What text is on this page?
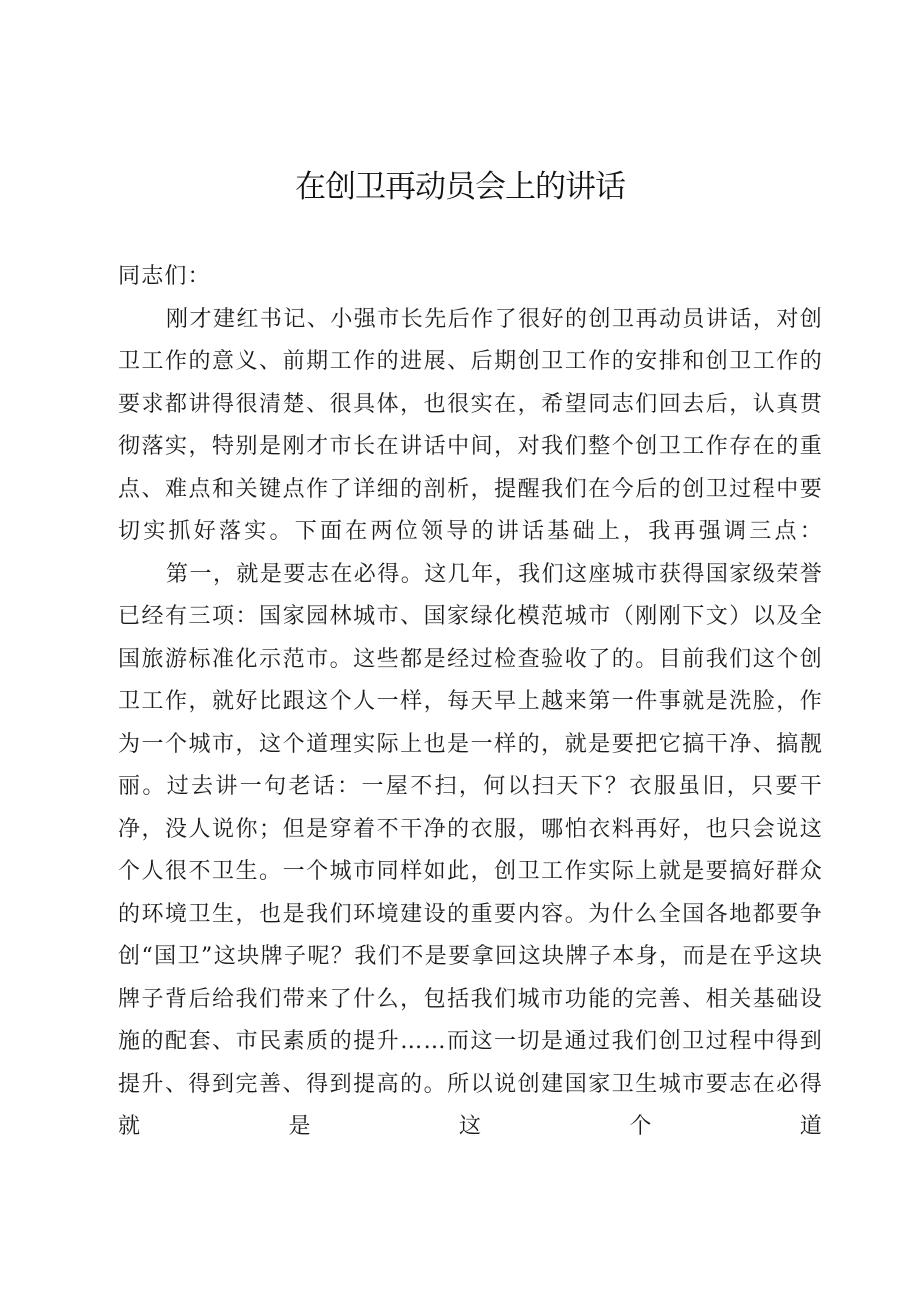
在创卫再动员会上的讲话

同志们：

刚才建红书记、小强市长先后作了很好的创卫再动员讲话，对创卫工作的意义、前期工作的进展、后期创卫工作的安排和创卫工作的要求都讲得很清楚、很具体，也很实在，希望同志们回去后，认真贯彻落实，特别是刚才市长在讲话中间，对我们整个创卫工作存在的重点、难点和关键点作了详细的剖析，提醒我们在今后的创卫过程中要切实抓好落实。下面在两位领导的讲话基础上，我再强调三点：

第一，就是要志在必得。这几年，我们这座城市获得国家级荣誉已经有三项：国家园林城市、国家绿化模范城市（刚刚下文）以及全国旅游标准化示范市。这些都是经过检查验收了的。目前我们这个创卫工作，就好比跟这个人一样，每天早上越来第一件事就是洗脸，作为一个城市，这个道理实际上也是一样的，就是要把它搞干净、搞靓丽。过去讲一句老话：一屋不扫，何以扫天下？衣服虽旧，只要干净，没人说你；但是穿着不干净的衣服，哪怕衣料再好，也只会说这个人很不卫生。一个城市同样如此，创卫工作实际上就是要搞好群众的环境卫生，也是我们环境建设的重要内容。为什么全国各地都要争创“国卫”这块牌子呢？我们不是要拿回这块牌子本身，而是在乎这块牌子背后给我们带来了什么，包括我们城市功能的完善、相关基础设施的配套、市民素质的提升……而这一切是通过我们创卫过程中得到提升、得到完善、得到提高的。所以说创建国家卫生城市要志在必得就是这个道
